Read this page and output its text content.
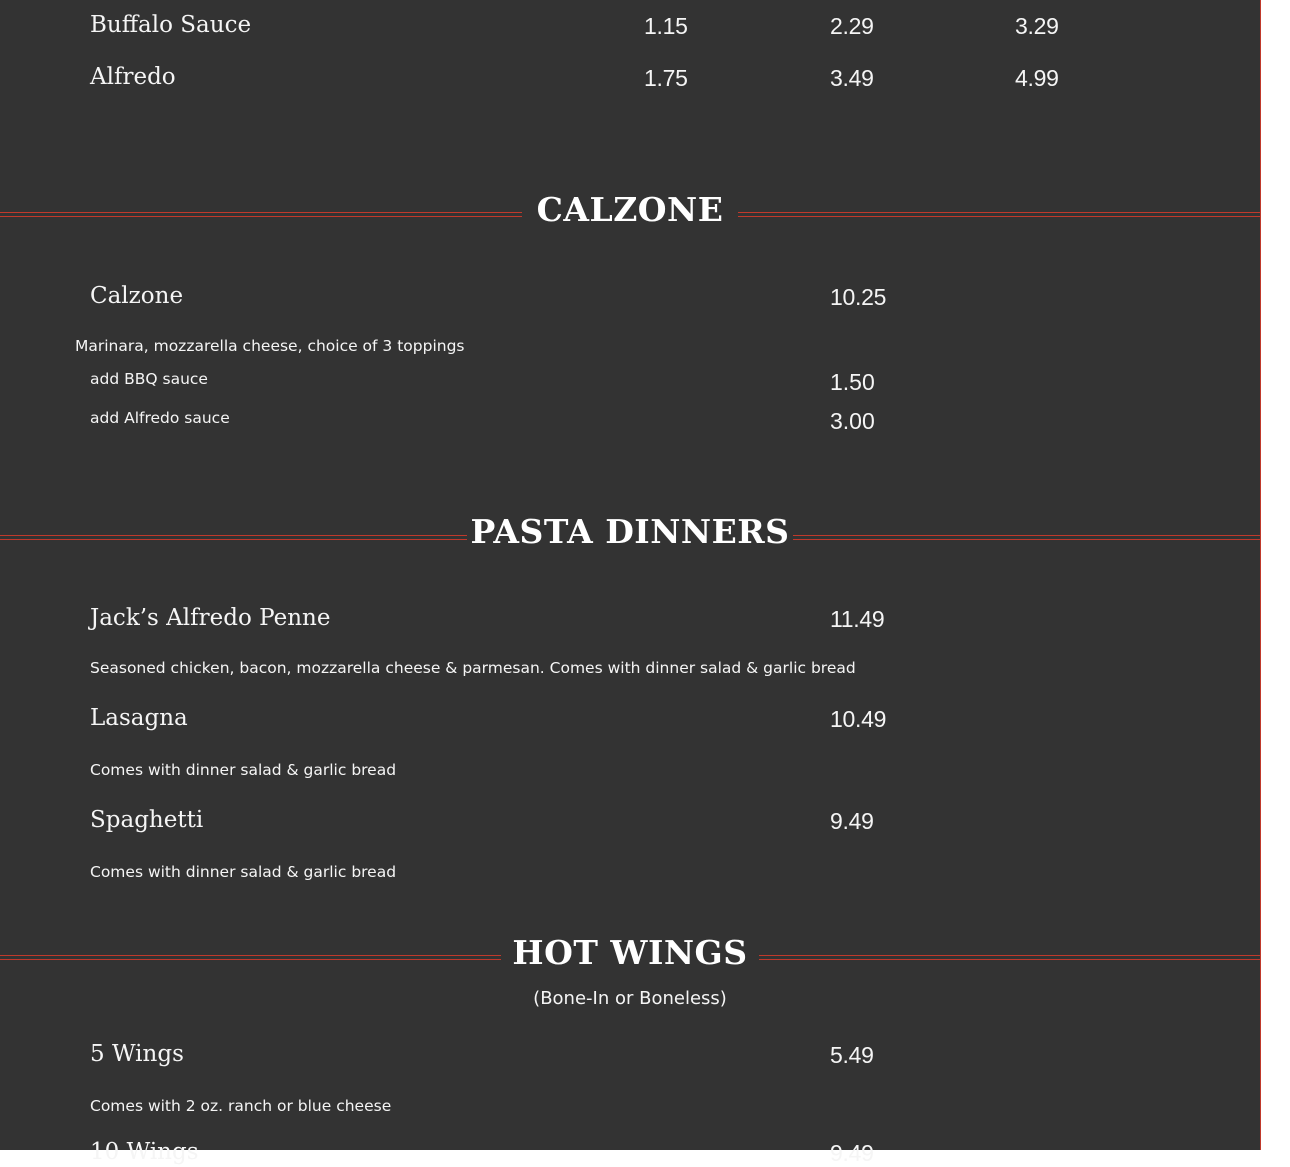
Buffalo Sauce	1.15	2.29	3.29
Alfredo	1.75	3.49	4.99
CALZONE
Calzone	10.25
Marinara, mozzarella cheese, choice of 3 toppings
add BBQ sauce	1.50
add Alfredo sauce	3.00
PASTA DINNERS
Jack’s Alfredo Penne	11.49
Seasoned chicken, bacon, mozzarella cheese & parmesan. Comes with dinner salad & garlic bread
Lasagna	10.49
Comes with dinner salad & garlic bread
Spaghetti	9.49
Comes with dinner salad & garlic bread
HOT WINGS
(Bone-In or Boneless)
5 Wings	5.49
Comes with 2 oz. ranch or blue cheese
10 Wings	9.49
